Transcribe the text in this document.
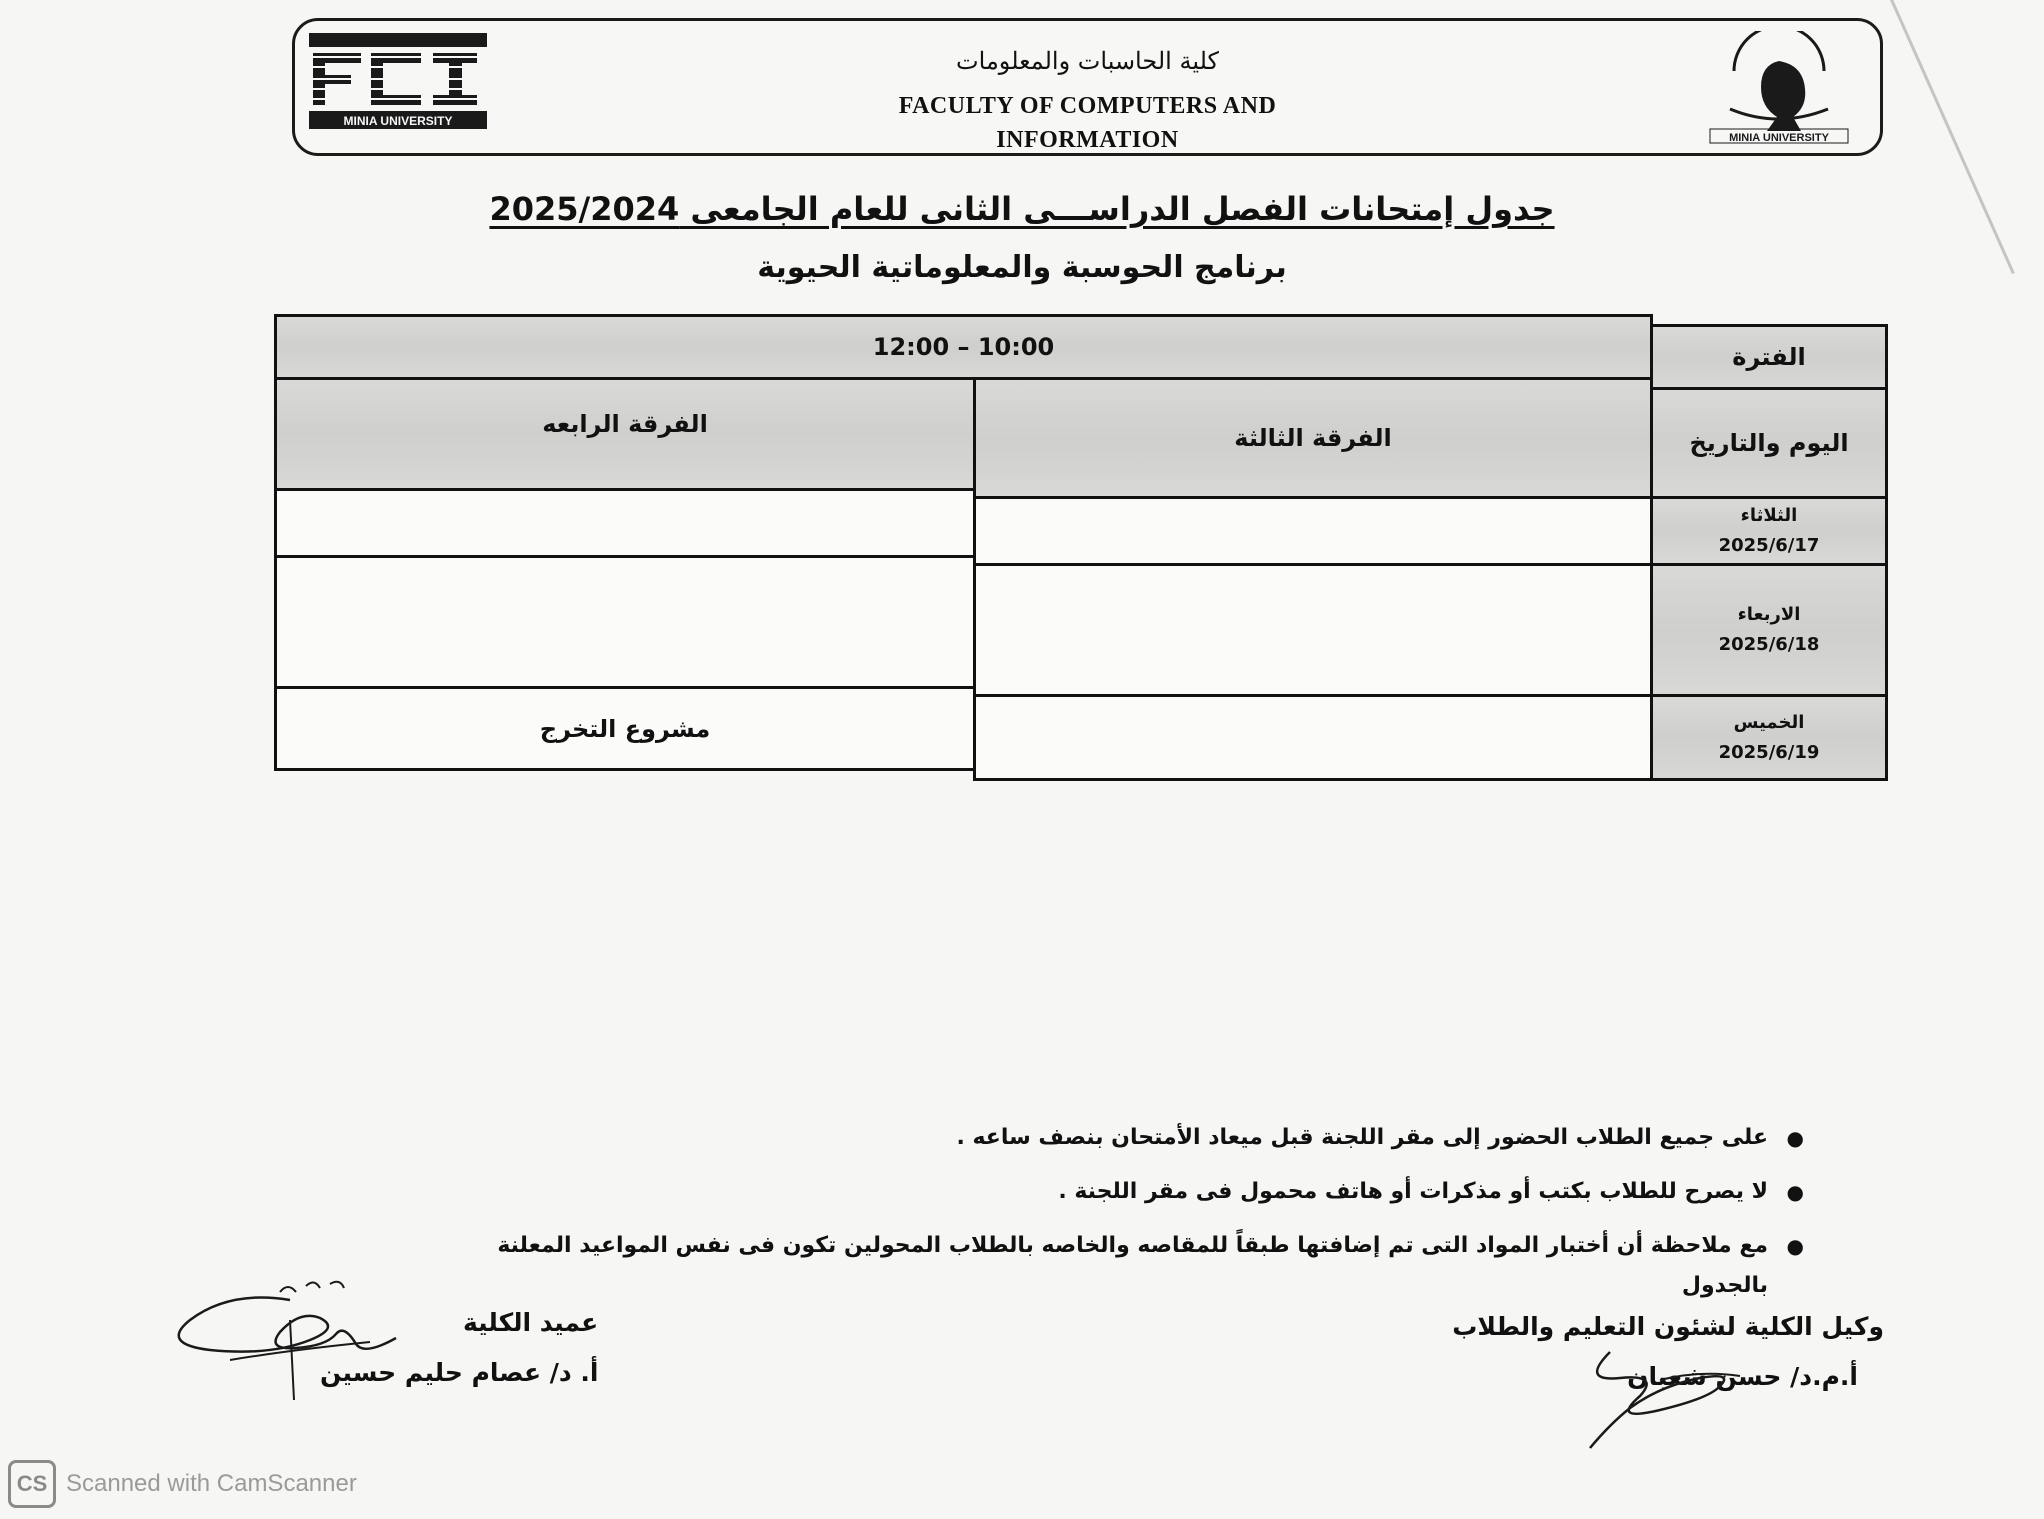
MINIA UNIVERSITY
كلية الحاسبات والمعلومات
FACULTY OF COMPUTERS AND
INFORMATION	MINIA UNIVERSITY
جدول إمتحانات الفصل الدراســـى الثانى للعام الجامعى 2025/2024
برنامج الحوسبة والمعلوماتية الحيوية
الفترة
12:00 – 10:00
اليوم والتاريخ
الفرقة الثالثة
الفرقة الرابعه
الثلاثاء
2025/6/17
الاربعاء
2025/6/18
الخميس
2025/6/19
مشروع التخرج
●
على جميع الطلاب الحضور إلى مقر اللجنة قبل ميعاد الأمتحان بنصف ساعه .
●
لا يصرح للطلاب بكتب أو مذكرات أو هاتف محمول فى مقر اللجنة .
●
مع ملاحظة أن أختبار المواد التى تم إضافتها طبقاً للمقاصه والخاصه بالطلاب المحولين تكون فى نفس المواعيد المعلنة بالجدول
وكيل الكلية لشئون التعليم والطلاب
أ.م.د/ حسن شعبان
عميد الكلية
أ. د/ عصام حليم حسين
CS Scanned with CamScanner
